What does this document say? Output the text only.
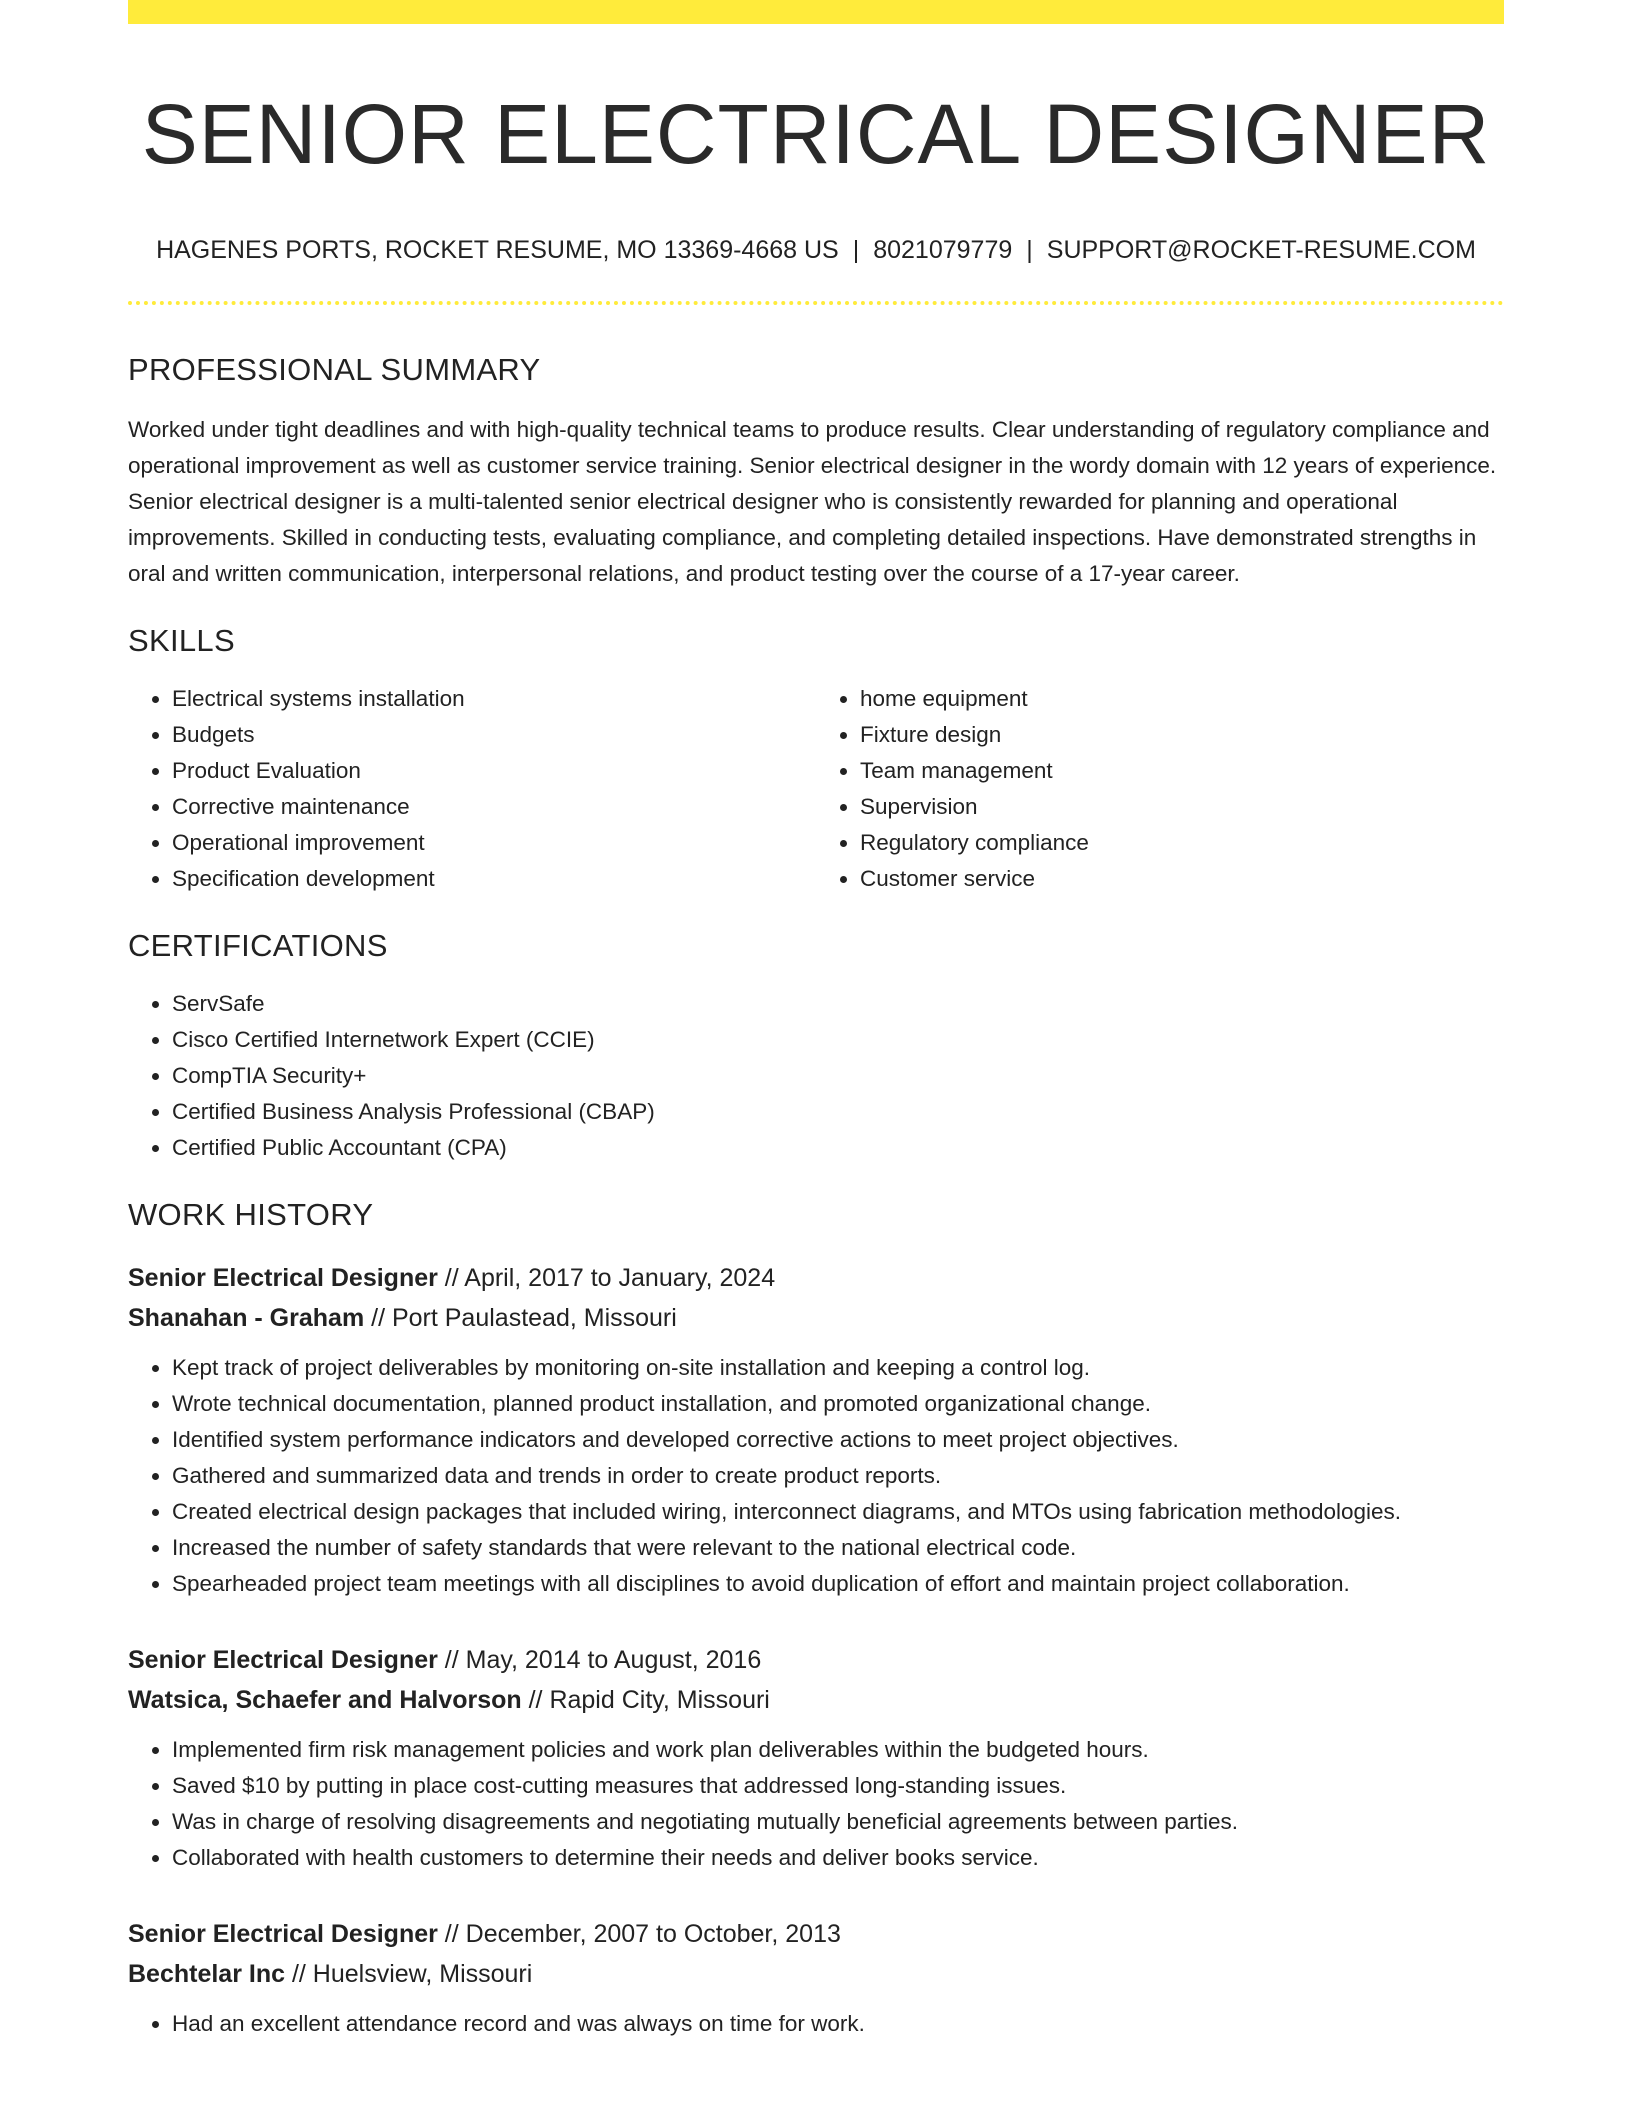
SENIOR ELECTRICAL DESIGNER
HAGENES PORTS, ROCKET RESUME, MO 13369-4668 US | 8021079779 | SUPPORT@ROCKET-RESUME.COM
PROFESSIONAL SUMMARY
Worked under tight deadlines and with high-quality technical teams to produce results. Clear understanding of regulatory compliance and operational improvement as well as customer service training. Senior electrical designer in the wordy domain with 12 years of experience. Senior electrical designer is a multi-talented senior electrical designer who is consistently rewarded for planning and operational improvements. Skilled in conducting tests, evaluating compliance, and completing detailed inspections. Have demonstrated strengths in oral and written communication, interpersonal relations, and product testing over the course of a 17-year career.
SKILLS
• Electrical systems installation
• Budgets
• Product Evaluation
• Corrective maintenance
• Operational improvement
• Specification development
• home equipment
• Fixture design
• Team management
• Supervision
• Regulatory compliance
• Customer service
CERTIFICATIONS
• ServSafe
• Cisco Certified Internetwork Expert (CCIE)
• CompTIA Security+
• Certified Business Analysis Professional (CBAP)
• Certified Public Accountant (CPA)
WORK HISTORY
Senior Electrical Designer // April, 2017 to January, 2024
Shanahan - Graham // Port Paulastead, Missouri
• Kept track of project deliverables by monitoring on-site installation and keeping a control log.
• Wrote technical documentation, planned product installation, and promoted organizational change.
• Identified system performance indicators and developed corrective actions to meet project objectives.
• Gathered and summarized data and trends in order to create product reports.
• Created electrical design packages that included wiring, interconnect diagrams, and MTOs using fabrication methodologies.
• Increased the number of safety standards that were relevant to the national electrical code.
• Spearheaded project team meetings with all disciplines to avoid duplication of effort and maintain project collaboration.
Senior Electrical Designer // May, 2014 to August, 2016
Watsica, Schaefer and Halvorson // Rapid City, Missouri
• Implemented firm risk management policies and work plan deliverables within the budgeted hours.
• Saved $10 by putting in place cost-cutting measures that addressed long-standing issues.
• Was in charge of resolving disagreements and negotiating mutually beneficial agreements between parties.
• Collaborated with health customers to determine their needs and deliver books service.
Senior Electrical Designer // December, 2007 to October, 2013
Bechtelar Inc // Huelsview, Missouri
• Had an excellent attendance record and was always on time for work.
